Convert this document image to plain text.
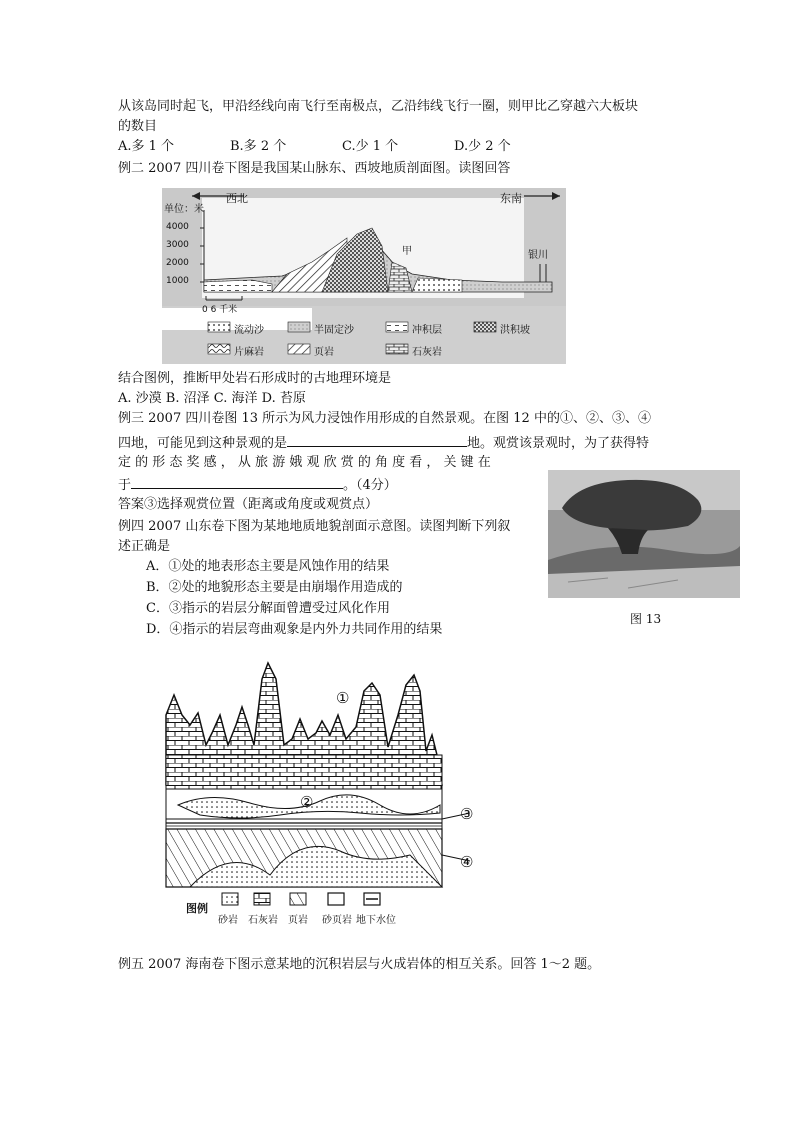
从该岛同时起飞，甲沿经线向南飞行至南极点，乙沿纬线飞行一圈，则甲比乙穿越六大板块
的数目
A.多 1 个	B.多 2 个	C.少 1 个	D.少 2 个
例二 2007 四川卷下图是我国某山脉东、西坡地质剖面图。读图回答
西北	东南
单位：米
4000
3000
2000
1000
0 6 千米
甲	银川
流动沙	半固定沙	冲积层	洪积坡
片麻岩	页岩	石灰岩
结合图例，推断甲处岩石形成时的古地理环境是
A. 沙漠 B. 沼泽 C. 海洋 D. 苔原
例三 2007 四川卷图 13 所示为风力浸蚀作用形成的自然景观。在图 12 中的①、②、③、④
四地，可能见到这种景观的是	地。观赏该景观时，为了获得特
定 的 形 态 奖 感 ， 从 旅 游 娥 观 欣 赏 的 角 度 看 ， 关 键 在
于	。（4分）
答案③选择观赏位置（距离或角度或观赏点）
图 13
例四 2007 山东卷下图为某地地质地貌剖面示意图。读图判断下列叙
述正确是
A．①处的地表形态主要是风蚀作用的结果
B．②处的地貌形态主要是由崩塌作用造成的
C．③指示的岩层分解面曾遭受过风化作用
D．④指示的岩层弯曲观象是内外力共同作用的结果
①
②
③
④
图例
砂岩 石灰岩 页岩 砂页岩 地下水位
例五 2007 海南卷下图示意某地的沉积岩层与火成岩体的相互关系。回答 1～2 题。
